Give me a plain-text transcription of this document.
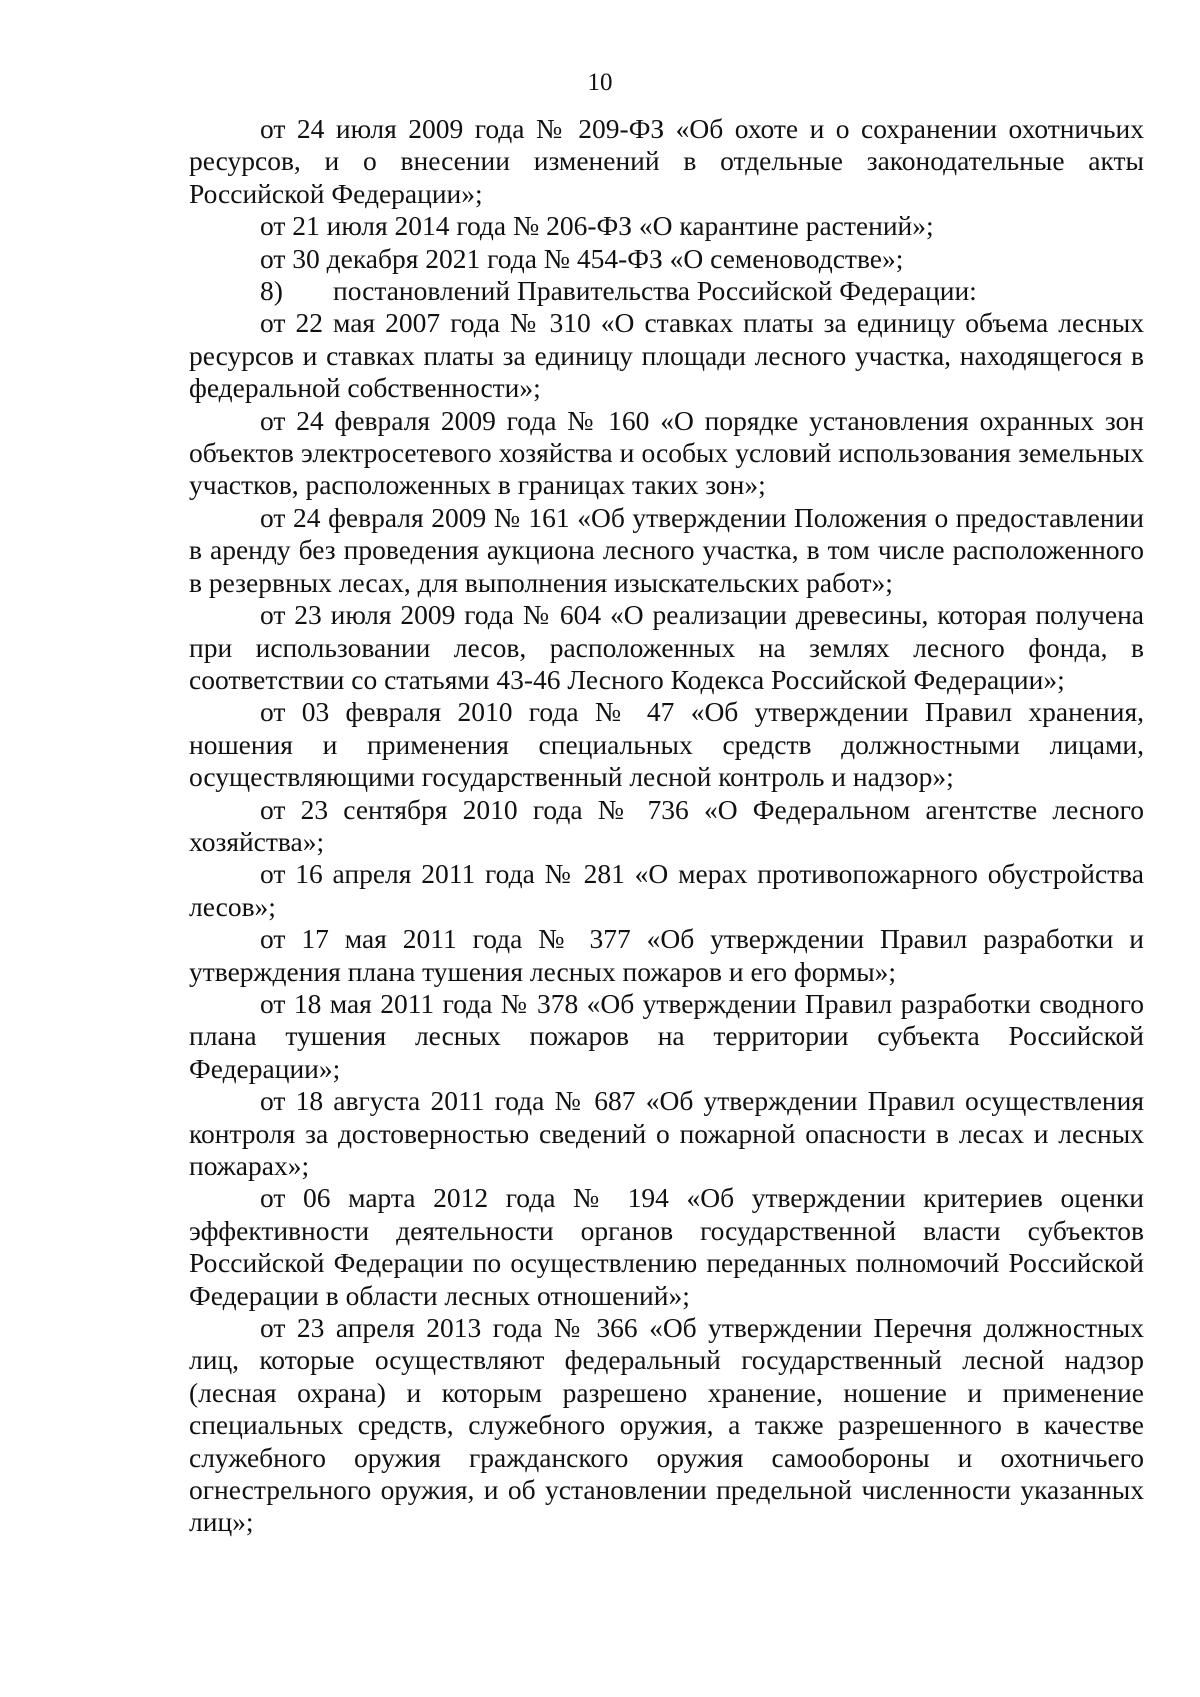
10

от 24 июля 2009 года № 209-ФЗ «Об охоте и о сохранении охотничьих ресурсов, и о внесении изменений в отдельные законодательные акты Российской Федерации»;

от 21 июля 2014 года № 206-ФЗ «О карантине растений»;

от 30 декабря 2021 года № 454-ФЗ «О семеноводстве»;

8) постановлений Правительства Российской Федерации:

от 22 мая 2007 года № 310 «О ставках платы за единицу объема лесных ресурсов и ставках платы за единицу площади лесного участка, находящегося в федеральной собственности»;

от 24 февраля 2009 года № 160 «О порядке установления охранных зон объектов электросетевого хозяйства и особых условий использования земельных участков, расположенных в границах таких зон»;

от 24 февраля 2009 № 161 «Об утверждении Положения о предоставлении в аренду без проведения аукциона лесного участка, в том числе расположенного в резервных лесах, для выполнения изыскательских работ»;

от 23 июля 2009 года № 604 «О реализации древесины, которая получена при использовании лесов, расположенных на землях лесного фонда, в соответствии со статьями 43-46 Лесного Кодекса Российской Федерации»;

от 03 февраля 2010 года № 47 «Об утверждении Правил хранения, ношения и применения специальных средств должностными лицами, осуществляющими государственный лесной контроль и надзор»;

от 23 сентября 2010 года № 736 «О Федеральном агентстве лесного хозяйства»;

от 16 апреля 2011 года № 281 «О мерах противопожарного обустройства лесов»;

от 17 мая 2011 года № 377 «Об утверждении Правил разработки и утверждения плана тушения лесных пожаров и его формы»;

от 18 мая 2011 года № 378 «Об утверждении Правил разработки сводного плана тушения лесных пожаров на территории субъекта Российской Федерации»;

от 18 августа 2011 года № 687 «Об утверждении Правил осуществления контроля за достоверностью сведений о пожарной опасности в лесах и лесных пожарах»;

от 06 марта 2012 года № 194 «Об утверждении критериев оценки эффективности деятельности органов государственной власти субъектов Российской Федерации по осуществлению переданных полномочий Российской Федерации в области лесных отношений»;

от 23 апреля 2013 года № 366 «Об утверждении Перечня должностных лиц, которые осуществляют федеральный государственный лесной надзор (лесная охрана) и которым разрешено хранение, ношение и применение специальных средств, служебного оружия, а также разрешенного в качестве служебного оружия гражданского оружия самообороны и охотничьего огнестрельного оружия, и об установлении предельной численности указанных лиц»;
